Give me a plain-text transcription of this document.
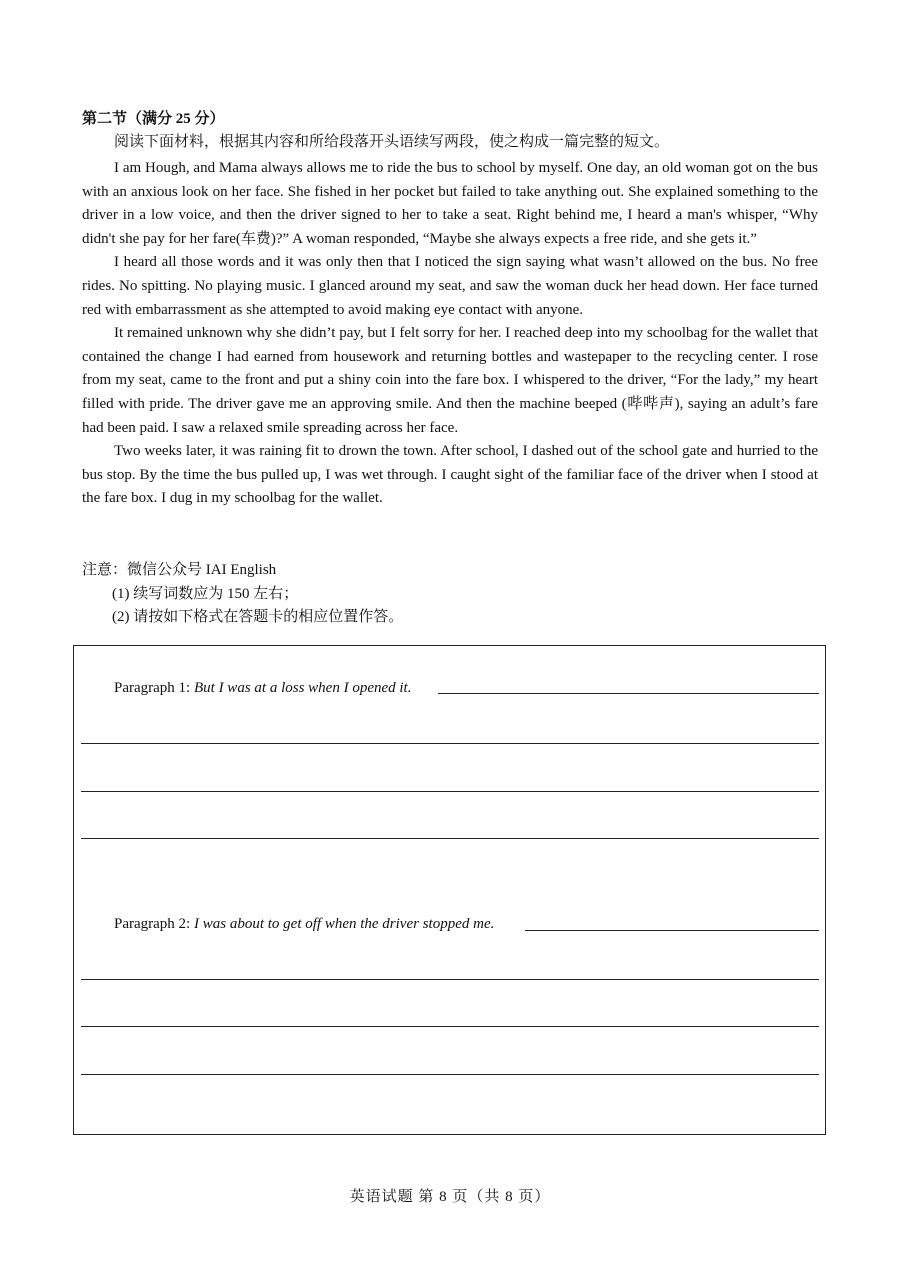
第二节（满分 25 分）
阅读下面材料，根据其内容和所给段落开头语续写两段，使之构成一篇完整的短文。

I am Hough, and Mama always allows me to ride the bus to school by myself. One day, an old woman got on the bus with an anxious look on her face. She fished in her pocket but failed to take anything out. She explained something to the driver in a low voice, and then the driver signed to her to take a seat. Right behind me, I heard a man's whisper, “Why didn't she pay for her fare(车费)?” A woman responded, “Maybe she always expects a free ride, and she gets it.”

I heard all those words and it was only then that I noticed the sign saying what wasn’t allowed on the bus. No free rides. No spitting. No playing music. I glanced around my seat, and saw the woman duck her head down. Her face turned red with embarrassment as she attempted to avoid making eye contact with anyone.

It remained unknown why she didn’t pay, but I felt sorry for her. I reached deep into my schoolbag for the wallet that contained the change I had earned from housework and returning bottles and wastepaper to the recycling center. I rose from my seat, came to the front and put a shiny coin into the fare box. I whispered to the driver, “For the lady,” my heart filled with pride. The driver gave me an approving smile. And then the machine beeped (哔哔声), saying an adult’s fare had been paid. I saw a relaxed smile spreading across her face.

Two weeks later, it was raining fit to drown the town. After school, I dashed out of the school gate and hurried to the bus stop. By the time the bus pulled up, I was wet through. I caught sight of the familiar face of the driver when I stood at the fare box. I dug in my schoolbag for the wallet.

注意：微信公众号 IAI English
(1) 续写词数应为 150 左右；
(2) 请按如下格式在答题卡的相应位置作答。
Paragraph 1: But I was at a loss when I opened it.
Paragraph 2: I was about to get off when the driver stopped me.
英语试题 第 8 页（共 8 页）
